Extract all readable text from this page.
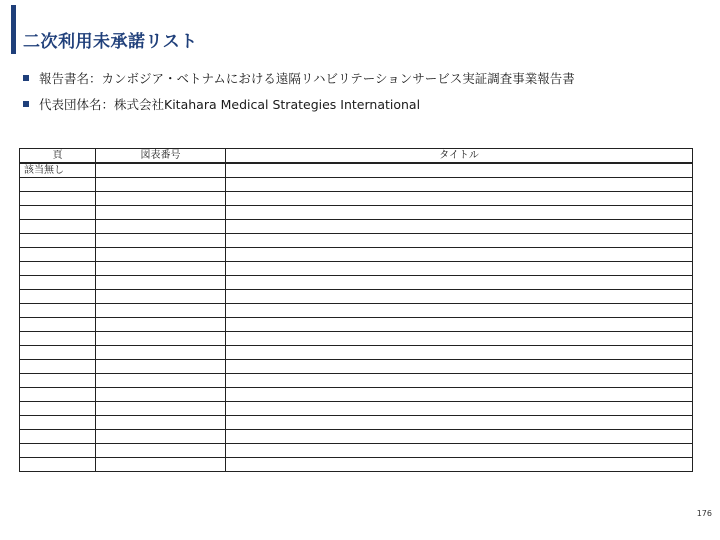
二次利用未承諾リスト
報告書名： カンボジア・ベトナムにおける遠隔リハビリテーションサービス実証調査事業報告書
代表団体名： 株式会社Kitahara Medical Strategies International
頁	図表番号	タイトル
該当無し		

176
